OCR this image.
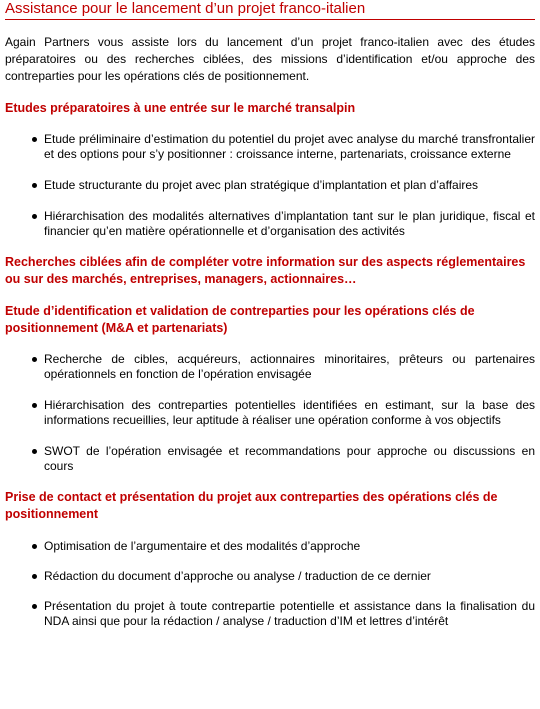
Assistance pour le lancement d’un projet franco-italien

Again Partners vous assiste lors du lancement d’un projet franco-italien avec des études préparatoires ou des recherches ciblées, des missions d’identification et/ou approche des contreparties pour les opérations clés de positionnement.

Etudes préparatoires à une entrée sur le marché transalpin
Etude préliminaire d’estimation du potentiel du projet avec analyse du marché transfrontalier et des options pour s’y positionner : croissance interne, partenariats, croissance externe
Etude structurante du projet avec plan stratégique d’implantation et plan d’affaires
Hiérarchisation des modalités alternatives d’implantation tant sur le plan juridique, fiscal et financier qu’en matière opérationnelle et d’organisation des activités
Recherches ciblées afin de compléter votre information sur des aspects réglementaires ou sur des marchés, entreprises, managers, actionnaires…
Etude d’identification et validation de contreparties pour les opérations clés de positionnement (M&A et partenariats)
Recherche de cibles, acquéreurs, actionnaires minoritaires, prêteurs ou partenaires opérationnels en fonction de l’opération envisagée
Hiérarchisation des contreparties potentielles identifiées en estimant, sur la base des informations recueillies, leur aptitude à réaliser une opération conforme à vos objectifs
SWOT de l’opération envisagée et recommandations pour approche ou discussions en cours
Prise de contact et présentation du projet aux contreparties des opérations clés de positionnement
Optimisation de l’argumentaire et des modalités d’approche
Rédaction du document d’approche ou analyse / traduction de ce dernier
Présentation du projet à toute contrepartie potentielle et assistance dans la finalisation du NDA ainsi que pour la rédaction / analyse / traduction d’IM et lettres d’intérêt
